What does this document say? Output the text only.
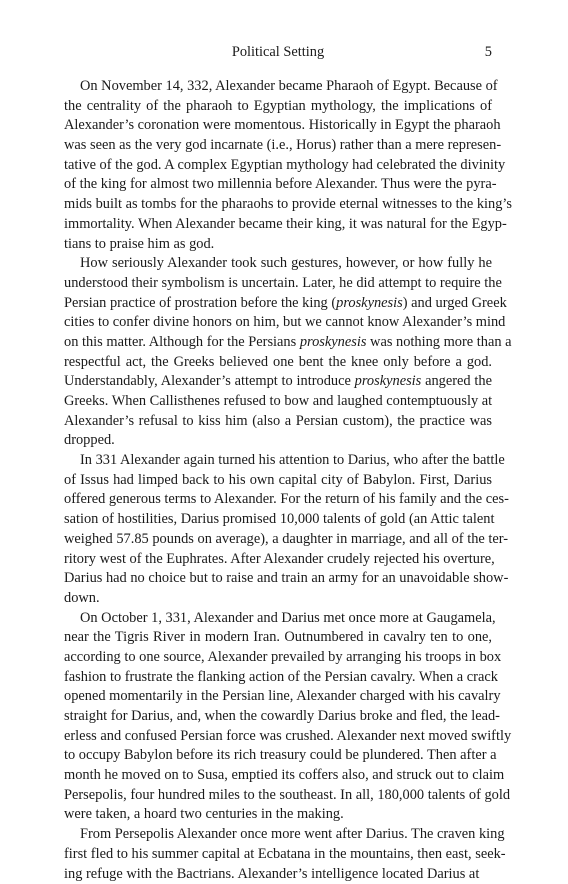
Political Setting	5
On November 14, 332, Alexander became Pharaoh of Egypt. Because of
the centrality of the pharaoh to Egyptian mythology, the implications of
Alexander’s coronation were momentous. Historically in Egypt the pharaoh
was seen as the very god incarnate (i.e., Horus) rather than a mere represen-
tative of the god. A complex Egyptian mythology had celebrated the divinity
of the king for almost two millennia before Alexander. Thus were the pyra-
mids built as tombs for the pharaohs to provide eternal witnesses to the king’s
immortality. When Alexander became their king, it was natural for the Egyp-
tians to praise him as god.
How seriously Alexander took such gestures, however, or how fully he
understood their symbolism is uncertain. Later, he did attempt to require the
Persian practice of prostration before the king (proskynesis) and urged Greek
cities to confer divine honors on him, but we cannot know Alexander’s mind
on this matter. Although for the Persians proskynesis was nothing more than a
respectful act, the Greeks believed one bent the knee only before a god.
Understandably, Alexander’s attempt to introduce proskynesis angered the
Greeks. When Callisthenes refused to bow and laughed contemptuously at
Alexander’s refusal to kiss him (also a Persian custom), the practice was
dropped.
In 331 Alexander again turned his attention to Darius, who after the battle
of Issus had limped back to his own capital city of Babylon. First, Darius
offered generous terms to Alexander. For the return of his family and the ces-
sation of hostilities, Darius promised 10,000 talents of gold (an Attic talent
weighed 57.85 pounds on average), a daughter in marriage, and all of the ter-
ritory west of the Euphrates. After Alexander crudely rejected his overture,
Darius had no choice but to raise and train an army for an unavoidable show-
down.
On October 1, 331, Alexander and Darius met once more at Gaugamela,
near the Tigris River in modern Iran. Outnumbered in cavalry ten to one,
according to one source, Alexander prevailed by arranging his troops in box
fashion to frustrate the flanking action of the Persian cavalry. When a crack
opened momentarily in the Persian line, Alexander charged with his cavalry
straight for Darius, and, when the cowardly Darius broke and fled, the lead-
erless and confused Persian force was crushed. Alexander next moved swiftly
to occupy Babylon before its rich treasury could be plundered. Then after a
month he moved on to Susa, emptied its coffers also, and struck out to claim
Persepolis, four hundred miles to the southeast. In all, 180,000 talents of gold
were taken, a hoard two centuries in the making.
From Persepolis Alexander once more went after Darius. The craven king
first fled to his summer capital at Ecbatana in the mountains, then east, seek-
ing refuge with the Bactrians. Alexander’s intelligence located Darius at
